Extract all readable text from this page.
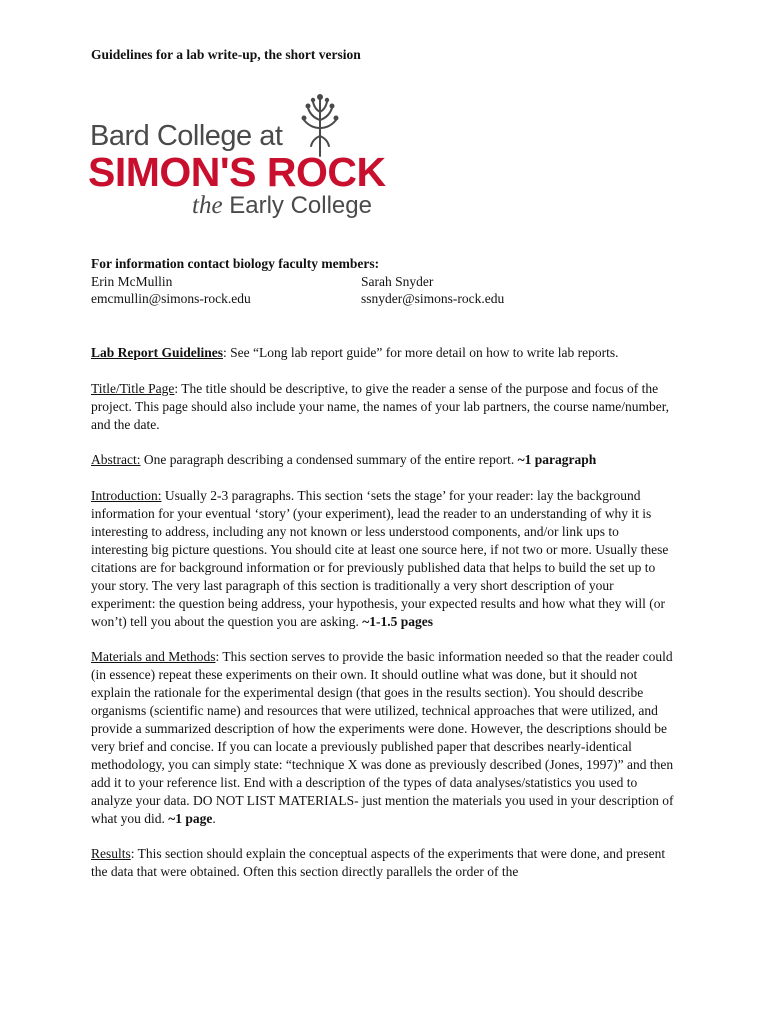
Guidelines for a lab write-up, the short version
Bard College at
SIMON'S ROCK
the Early College
For information contact biology faculty members:
Erin McMullin	Sarah Snyder
emcmullin@simons-rock.edu	ssnyder@simons-rock.edu

Lab Report Guidelines: See “Long lab report guide” for more detail on how to write lab reports.

Title/Title Page: The title should be descriptive, to give the reader a sense of the purpose and focus of the project. This page should also include your name, the names of your lab partners, the course name/number, and the date.

Abstract: One paragraph describing a condensed summary of the entire report. ~1 paragraph

Introduction: Usually 2-3 paragraphs. This section ‘sets the stage’ for your reader: lay the background information for your eventual ‘story’ (your experiment), lead the reader to an understanding of why it is interesting to address, including any not known or less understood components, and/or link ups to interesting big picture questions. You should cite at least one source here, if not two or more. Usually these citations are for background information or for previously published data that helps to build the set up to your story. The very last paragraph of this section is traditionally a very short description of your experiment: the question being address, your hypothesis, your expected results and how what they will (or won’t) tell you about the question you are asking. ~1-1.5 pages

Materials and Methods: This section serves to provide the basic information needed so that the reader could (in essence) repeat these experiments on their own. It should outline what was done, but it should not explain the rationale for the experimental design (that goes in the results section). You should describe organisms (scientific name) and resources that were utilized, technical approaches that were utilized, and provide a summarized description of how the experiments were done. However, the descriptions should be very brief and concise. If you can locate a previously published paper that describes nearly-identical methodology, you can simply state: “technique X was done as previously described (Jones, 1997)” and then add it to your reference list. End with a description of the types of data analyses/statistics you used to analyze your data. DO NOT LIST MATERIALS- just mention the materials you used in your description of what you did. ~1 page.

Results: This section should explain the conceptual aspects of the experiments that were done, and present the data that were obtained. Often this section directly parallels the order of the
